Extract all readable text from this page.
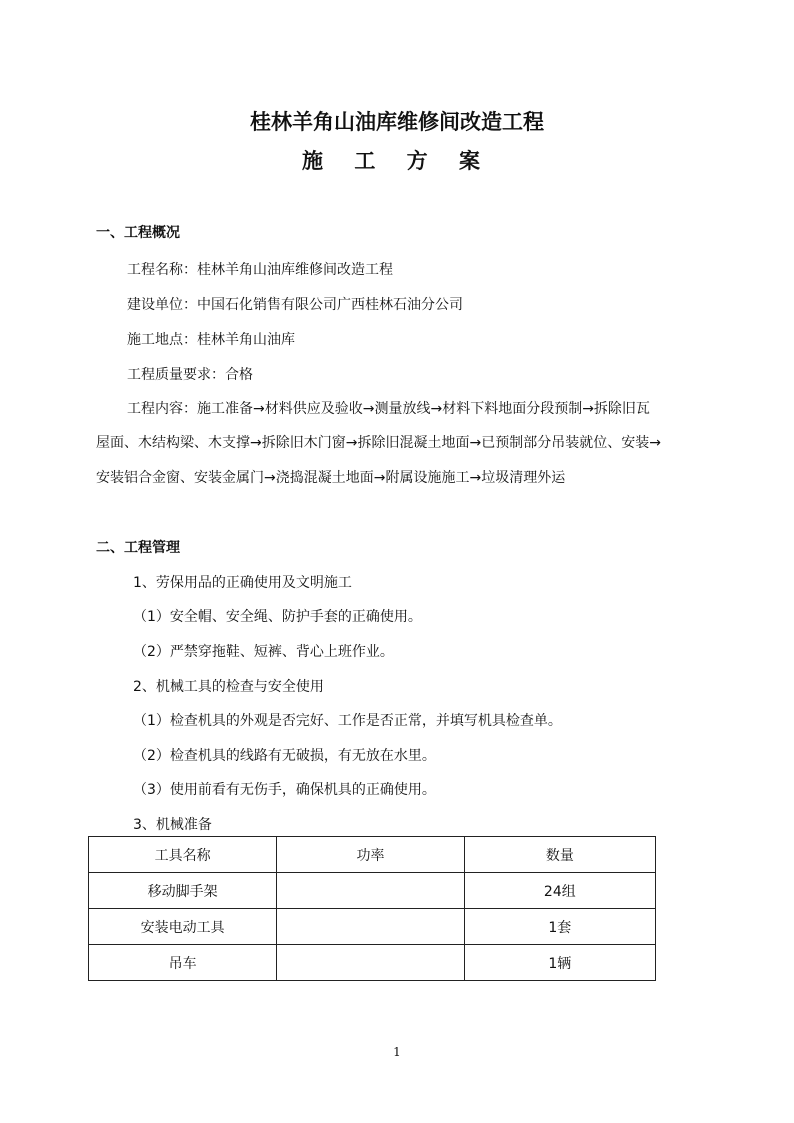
桂林羊角山油库维修间改造工程
施 工 方 案
一、工程概况
工程名称：桂林羊角山油库维修间改造工程
建设单位：中国石化销售有限公司广西桂林石油分公司
施工地点：桂林羊角山油库
工程质量要求：合格
工程内容：施工准备→材料供应及验收→测量放线→材料下料地面分段预制→拆除旧瓦
屋面、木结构梁、木支撑→拆除旧木门窗→拆除旧混凝土地面→已预制部分吊装就位、安装→
安装铝合金窗、安装金属门→浇捣混凝土地面→附属设施施工→垃圾清理外运
二、工程管理
1、劳保用品的正确使用及文明施工
（1）安全帽、安全绳、防护手套的正确使用。
（2）严禁穿拖鞋、短裤、背心上班作业。
2、机械工具的检查与安全使用
（1）检查机具的外观是否完好、工作是否正常，并填写机具检查单。
（2）检查机具的线路有无破损，有无放在水里。
（3）使用前看有无伤手，确保机具的正确使用。
3、机械准备
工具名称	功率	数量
移动脚手架		24组
安装电动工具		1套
吊车		1辆
1
